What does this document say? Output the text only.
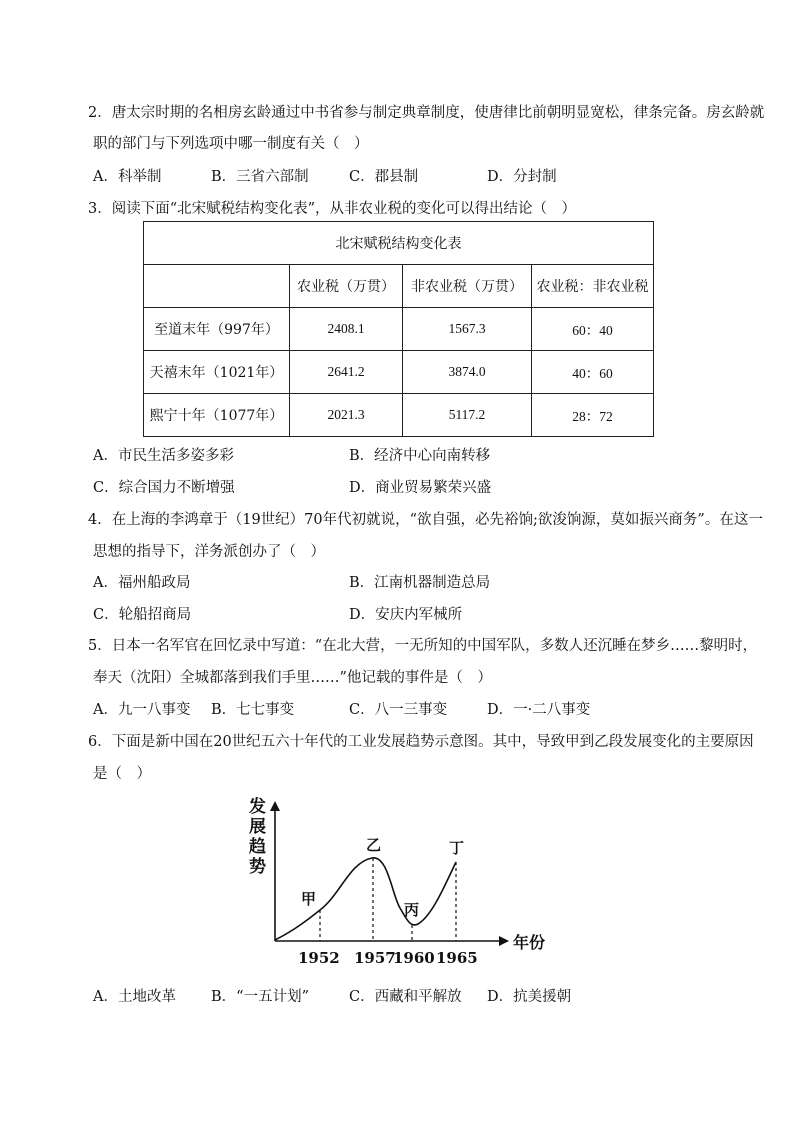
2．唐太宗时期的名相房玄龄通过中书省参与制定典章制度，使唐律比前朝明显宽松，律条完备。房玄龄就
职的部门与下列选项中哪一制度有关（　）
A．科举制	B．三省六部制	C．郡县制	D．分封制
3．阅读下面“北宋赋税结构变化表”，从非农业税的变化可以得出结论（　）
北宋赋税结构变化表			
	农业税（万贯）	非农业税（万贯）	农业税：非农业税
至道末年（997年）	2408.1	1567.3	60：40
天禧末年（1021年）	2641.2	3874.0	40：60
熙宁十年（1077年）	2021.3	5117.2	28：72
A．市民生活多姿多彩	B．经济中心向南转移
C．综合国力不断增强	D．商业贸易繁荣兴盛
4．在上海的李鸿章于（19世纪）70年代初就说，“欲自强，必先裕饷;欲浚饷源，莫如振兴商务”。在这一
思想的指导下，洋务派创办了（　）
A．福州船政局	B．江南机器制造总局
C．轮船招商局	D．安庆内军械所
5．日本一名军官在回忆录中写道：“在北大营，一无所知的中国军队，多数人还沉睡在梦乡……黎明时，
奉天（沈阳）全城都落到我们手里……”他记载的事件是（　）
A．九一八事变 B．七七事变	C．八一三事变	D．一·二八事变
6．下面是新中国在20世纪五六十年代的工业发展趋势示意图。其中，导致甲到乙段发展变化的主要原因
是（　）
发展趋势
年份
甲
乙
丙
丁
1952 1957
1960 1965
A．土地改革 B．“一五计划”	C．西藏和平解放 D．抗美援朝
